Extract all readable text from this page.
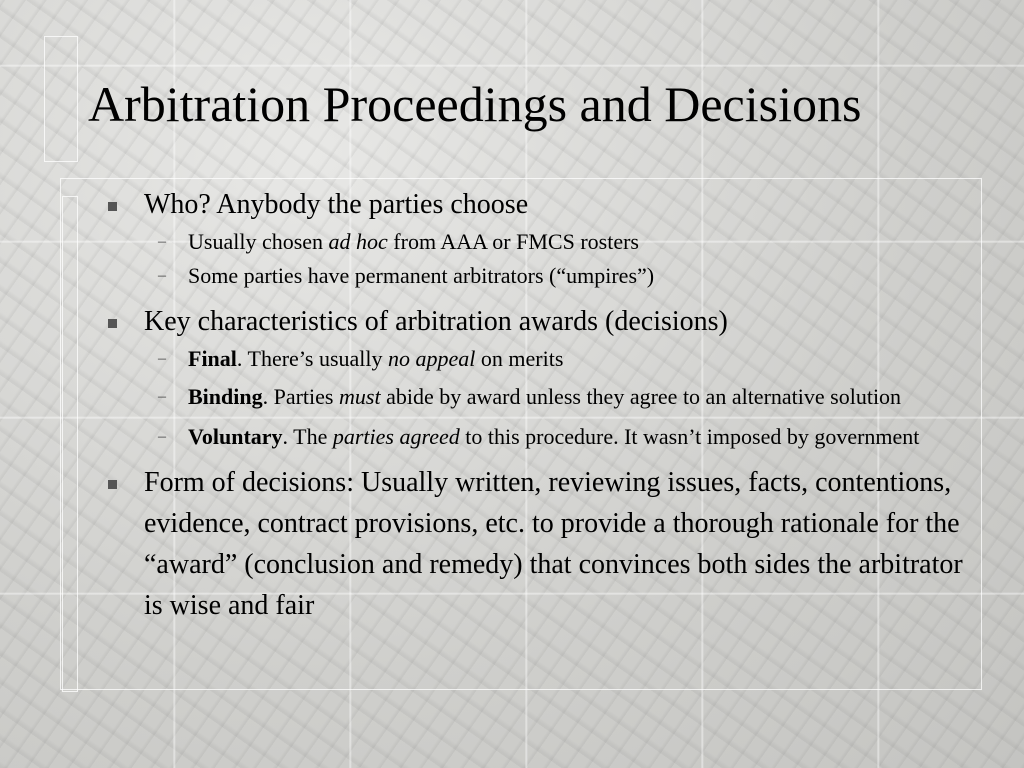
Arbitration Proceedings and Decisions

Who? Anybody the parties choose

– Usually chosen ad hoc from AAA or FMCS rosters

– Some parties have permanent arbitrators (“umpires”)

Key characteristics of arbitration awards (decisions)

– Final. There’s usually no appeal on merits

– Binding. Parties must abide by award unless they agree to an alternative solution

– Voluntary. The parties agreed to this procedure. It wasn’t imposed by government

Form of decisions: Usually written, reviewing issues, facts, contentions, evidence, contract provisions, etc. to provide a thorough rationale for the “award” (conclusion and remedy) that convinces both sides the arbitrator is wise and fair
